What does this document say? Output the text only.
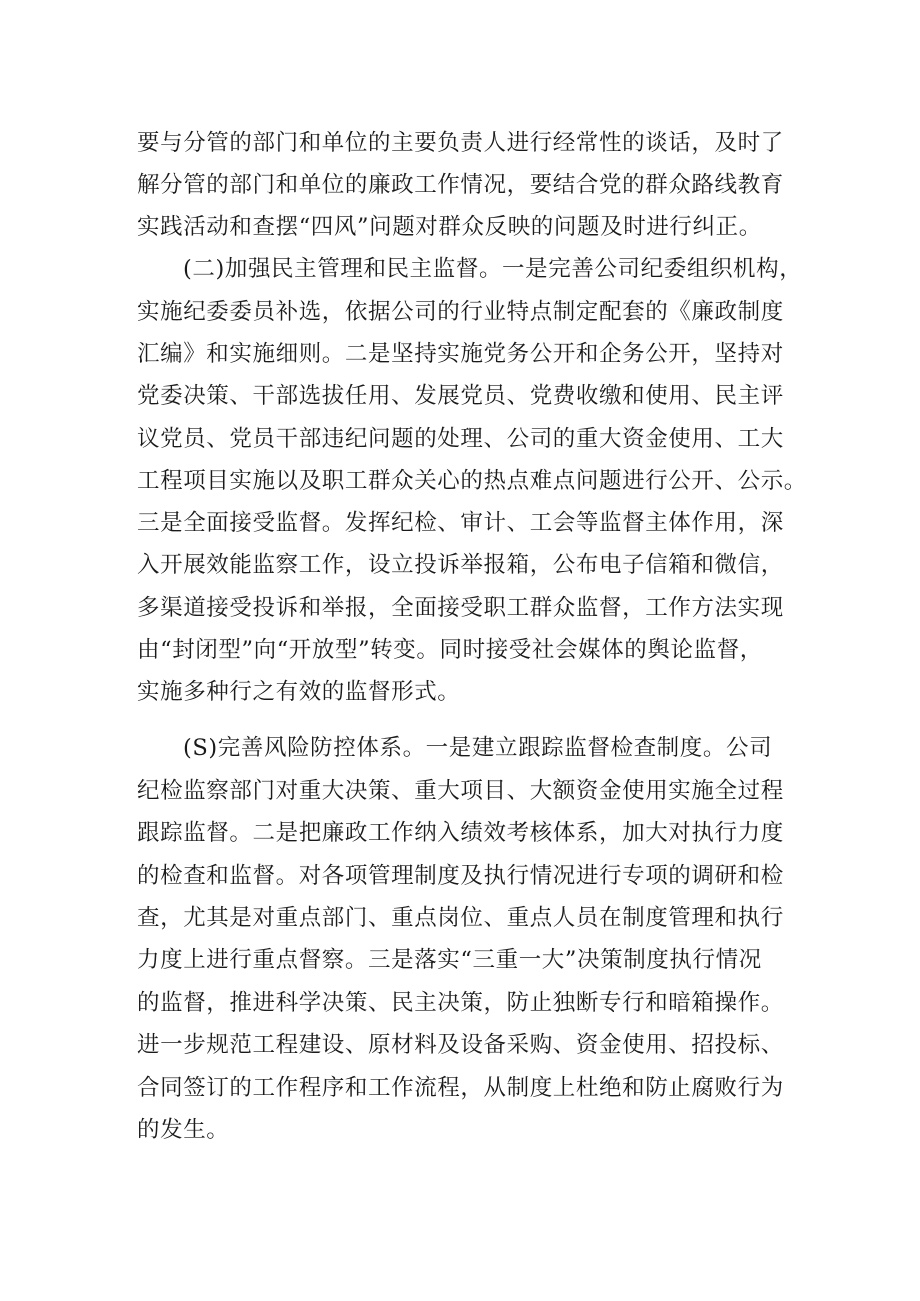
要与分管的部门和单位的主要负责人进行经常性的谈话，及时了
解分管的部门和单位的廉政工作情况，要结合党的群众路线教育
实践活动和查摆“四风”问题对群众反映的问题及时进行纠正。
(二)加强民主管理和民主监督。一是完善公司纪委组织机构，
实施纪委委员补选，依据公司的行业特点制定配套的《廉政制度
汇编》和实施细则。二是坚持实施党务公开和企务公开，坚持对
党委决策、干部选拔任用、发展党员、党费收缴和使用、民主评
议党员、党员干部违纪问题的处理、公司的重大资金使用、工大
工程项目实施以及职工群众关心的热点难点问题进行公开、公示。
三是全面接受监督。发挥纪检、审计、工会等监督主体作用，深
入开展效能监察工作，设立投诉举报箱，公布电子信箱和微信，
多渠道接受投诉和举报，全面接受职工群众监督，工作方法实现
由“封闭型”向“开放型”转变。同时接受社会媒体的舆论监督，
实施多种行之有效的监督形式。
(S)完善风险防控体系。一是建立跟踪监督检查制度。公司
纪检监察部门对重大决策、重大项目、大额资金使用实施全过程
跟踪监督。二是把廉政工作纳入绩效考核体系，加大对执行力度
的检查和监督。对各项管理制度及执行情况进行专项的调研和检
查，尤其是对重点部门、重点岗位、重点人员在制度管理和执行
力度上进行重点督察。三是落实“三重一大”决策制度执行情况
的监督，推进科学决策、民主决策，防止独断专行和暗箱操作。
进一步规范工程建设、原材料及设备采购、资金使用、招投标、
合同签订的工作程序和工作流程，从制度上杜绝和防止腐败行为
的发生。
